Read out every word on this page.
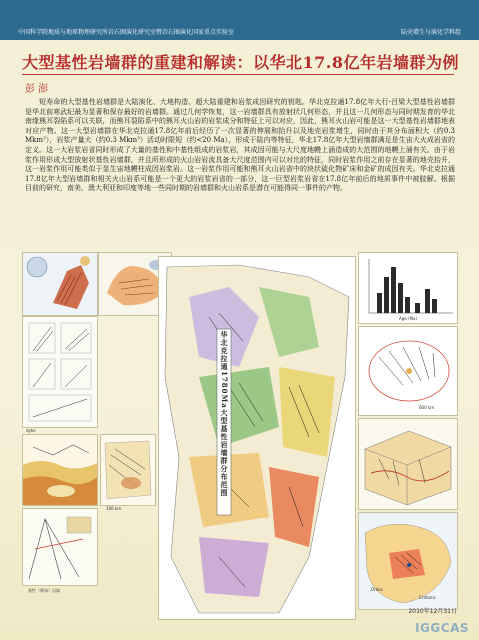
中国科学院地质与地球物理研究所岩石圈演化研究室暨岩石圈演化国家重点实验室	陆壳增生与演化学科组
大型基性岩墙群的重建和解读：以华北17.8亿年岩墙群为例
彭 澎
短寿命的大型基性岩墙群是大陆演化、大地构造、超大陆重建和岩浆成因研究的钥匙。华北克拉通17.8亿年大行-吕梁大型基性岩墙群是华北前寒武纪最为显著和保存最好的岩墙群。通过几何学恢复，这一岩墙群具有放射状几何形态，并且这一几何形态与同时期发育的华北南缘熊耳裂陷系可以关联，而熊耳裂陷系中的熊耳火山岩的岩浆成分和特征上可以对应，因此，熊耳火山岩可能是这一大型基性岩墙群地表对应产物。这一大型岩墙群在华北克拉通17.8亿年前后经历了一次显著的伸展和抬升以及地壳岩浆增生，同时由于其分布面积大（约0.3 Mkm²），岩浆产量大（约0.3 Mkm³）活动时限短（约<20 Ma），形成于陆内等特征，华北17.8亿年大型岩墙群满足是生宙大火成岩省的定义。这一大岩浆岩省同时形成了大量的基性和中基性组成的岩浆岩，其成因可能与大尺度地幔上涌造成的大范围的地幔上涌有关。由于岩浆作用形成大型放射状基性岩墙群，并且所形成的火山岩岩流具备大尺度范围内可以对比的特征，同时岩浆作用之前存在显著的地壳抬升，这一岩浆作用可能类似于显生宙地幔柱成因岩浆岩。这一岩浆作用可能和熊耳火山岩省中的块状硫化物矿床和金矿的成因有关。华北克拉通17.8亿年大型岩墙群和相关火山岩系可能是一个更大的岩浆岩省的一部分，这一巨型岩浆岩省在17.8亿年前后的地质事件中被肢解。根据目前的研究，南美、澳大利亚和印度等地一些同时期的岩墙群和火山岩系是潜在可能得同一事件的产物。
dyke
基性（辉绿）岩墙
华北克拉通1780Ma大型基性岩墙群分布范围
Age (Ma)
600 km
Ordos
Cratonic
100 km
2010年12月31日
IGGCAS
